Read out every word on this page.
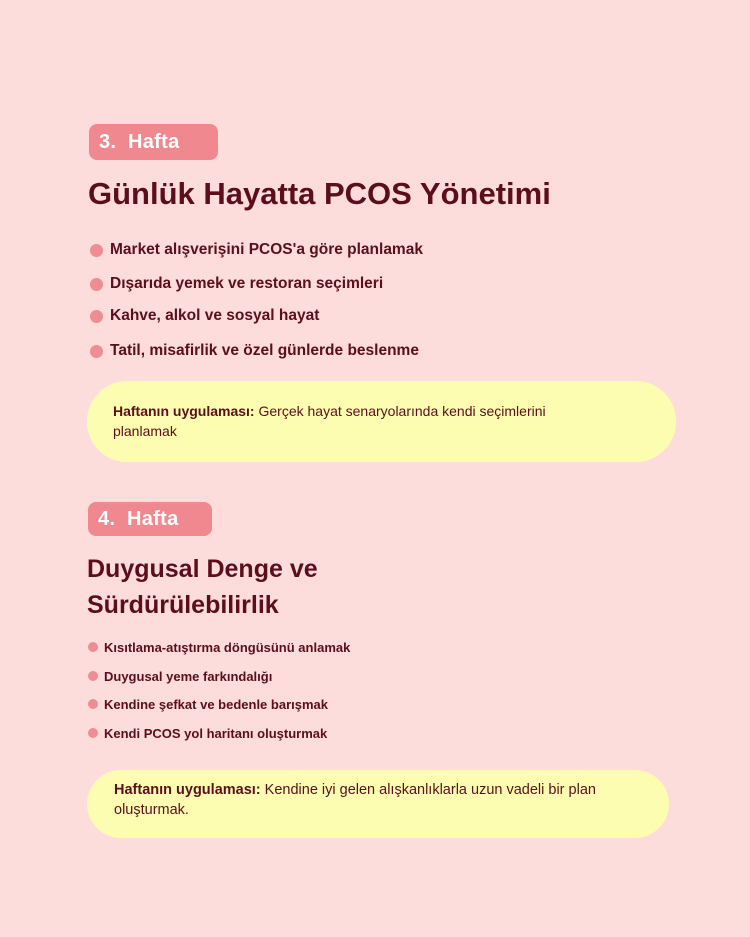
3.  Hafta
Günlük Hayatta PCOS Yönetimi
Market alışverişini PCOS'a göre planlamak
Dışarıda yemek ve restoran seçimleri
Kahve, alkol ve sosyal hayat
Tatil, misafirlik ve özel günlerde beslenme
Haftanın uygulaması: Gerçek hayat senaryolarında kendi seçimlerini planlamak
4.  Hafta
Duygusal Denge ve
Sürdürülebilirlik
Kısıtlama-atıştırma döngüsünü anlamak
Duygusal yeme farkındalığı
Kendine şefkat ve bedenle barışmak
Kendi PCOS yol haritanı oluşturmak
Haftanın uygulaması: Kendine iyi gelen alışkanlıklarla uzun vadeli bir plan oluşturmak.
